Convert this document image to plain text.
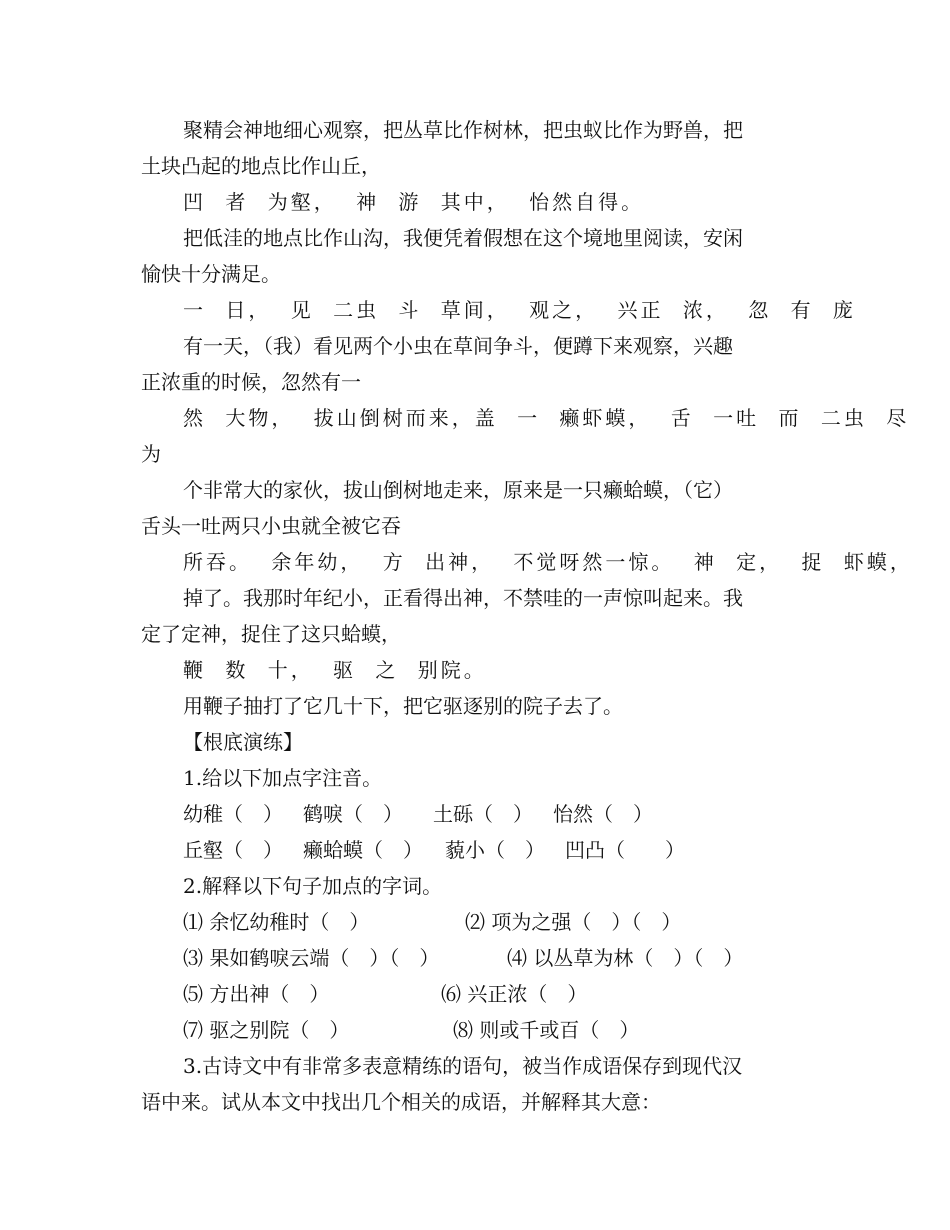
聚精会神地细心观察，把丛草比作树林，把虫蚁比作为野兽，把
土块凸起的地点比作山丘，
凹 者 为壑， 神 游 其中， 怡然自得。
把低洼的地点比作山沟，我便凭着假想在这个境地里阅读，安闲
愉快十分满足。
一 日， 见 二虫 斗 草间， 观之， 兴正 浓， 忽 有 庞
有一天，（我）看见两个小虫在草间争斗，便蹲下来观察，兴趣
正浓重的时候，忽然有一
然 大物， 拔山倒树而来，盖 一 癞虾蟆， 舌 一吐 而 二虫 尽
为
个非常大的家伙，拔山倒树地走来，原来是一只癞蛤蟆，（它）
舌头一吐两只小虫就全被它吞
所吞。 余年幼， 方 出神， 不觉呀然一惊。 神 定， 捉 虾蟆，
掉了。我那时年纪小，正看得出神，不禁哇的一声惊叫起来。我
定了定神，捉住了这只蛤蟆，
鞭 数 十， 驱 之 别院。
用鞭子抽打了它几十下，把它驱逐别的院子去了。
【根底演练】
1.给以下加点字注音。
幼稚（　） 鹤唳（　） 土砾（　） 怡然（　）
丘壑（　） 癞蛤蟆（　） 藐小（　） 凹凸（　　）
2.解释以下句子加点的字词。
⑴ 余忆幼稚时（　）	⑵ 项为之强（　）（　）
⑶ 果如鹤唳云端（　）（　）	⑷ 以丛草为林（　）（　）
⑸ 方出神（　）	⑹ 兴正浓（　）
⑺ 驱之别院（　）	⑻ 则或千或百（　）
3.古诗文中有非常多表意精练的语句，被当作成语保存到现代汉
语中来。试从本文中找出几个相关的成语，并解释其大意：
